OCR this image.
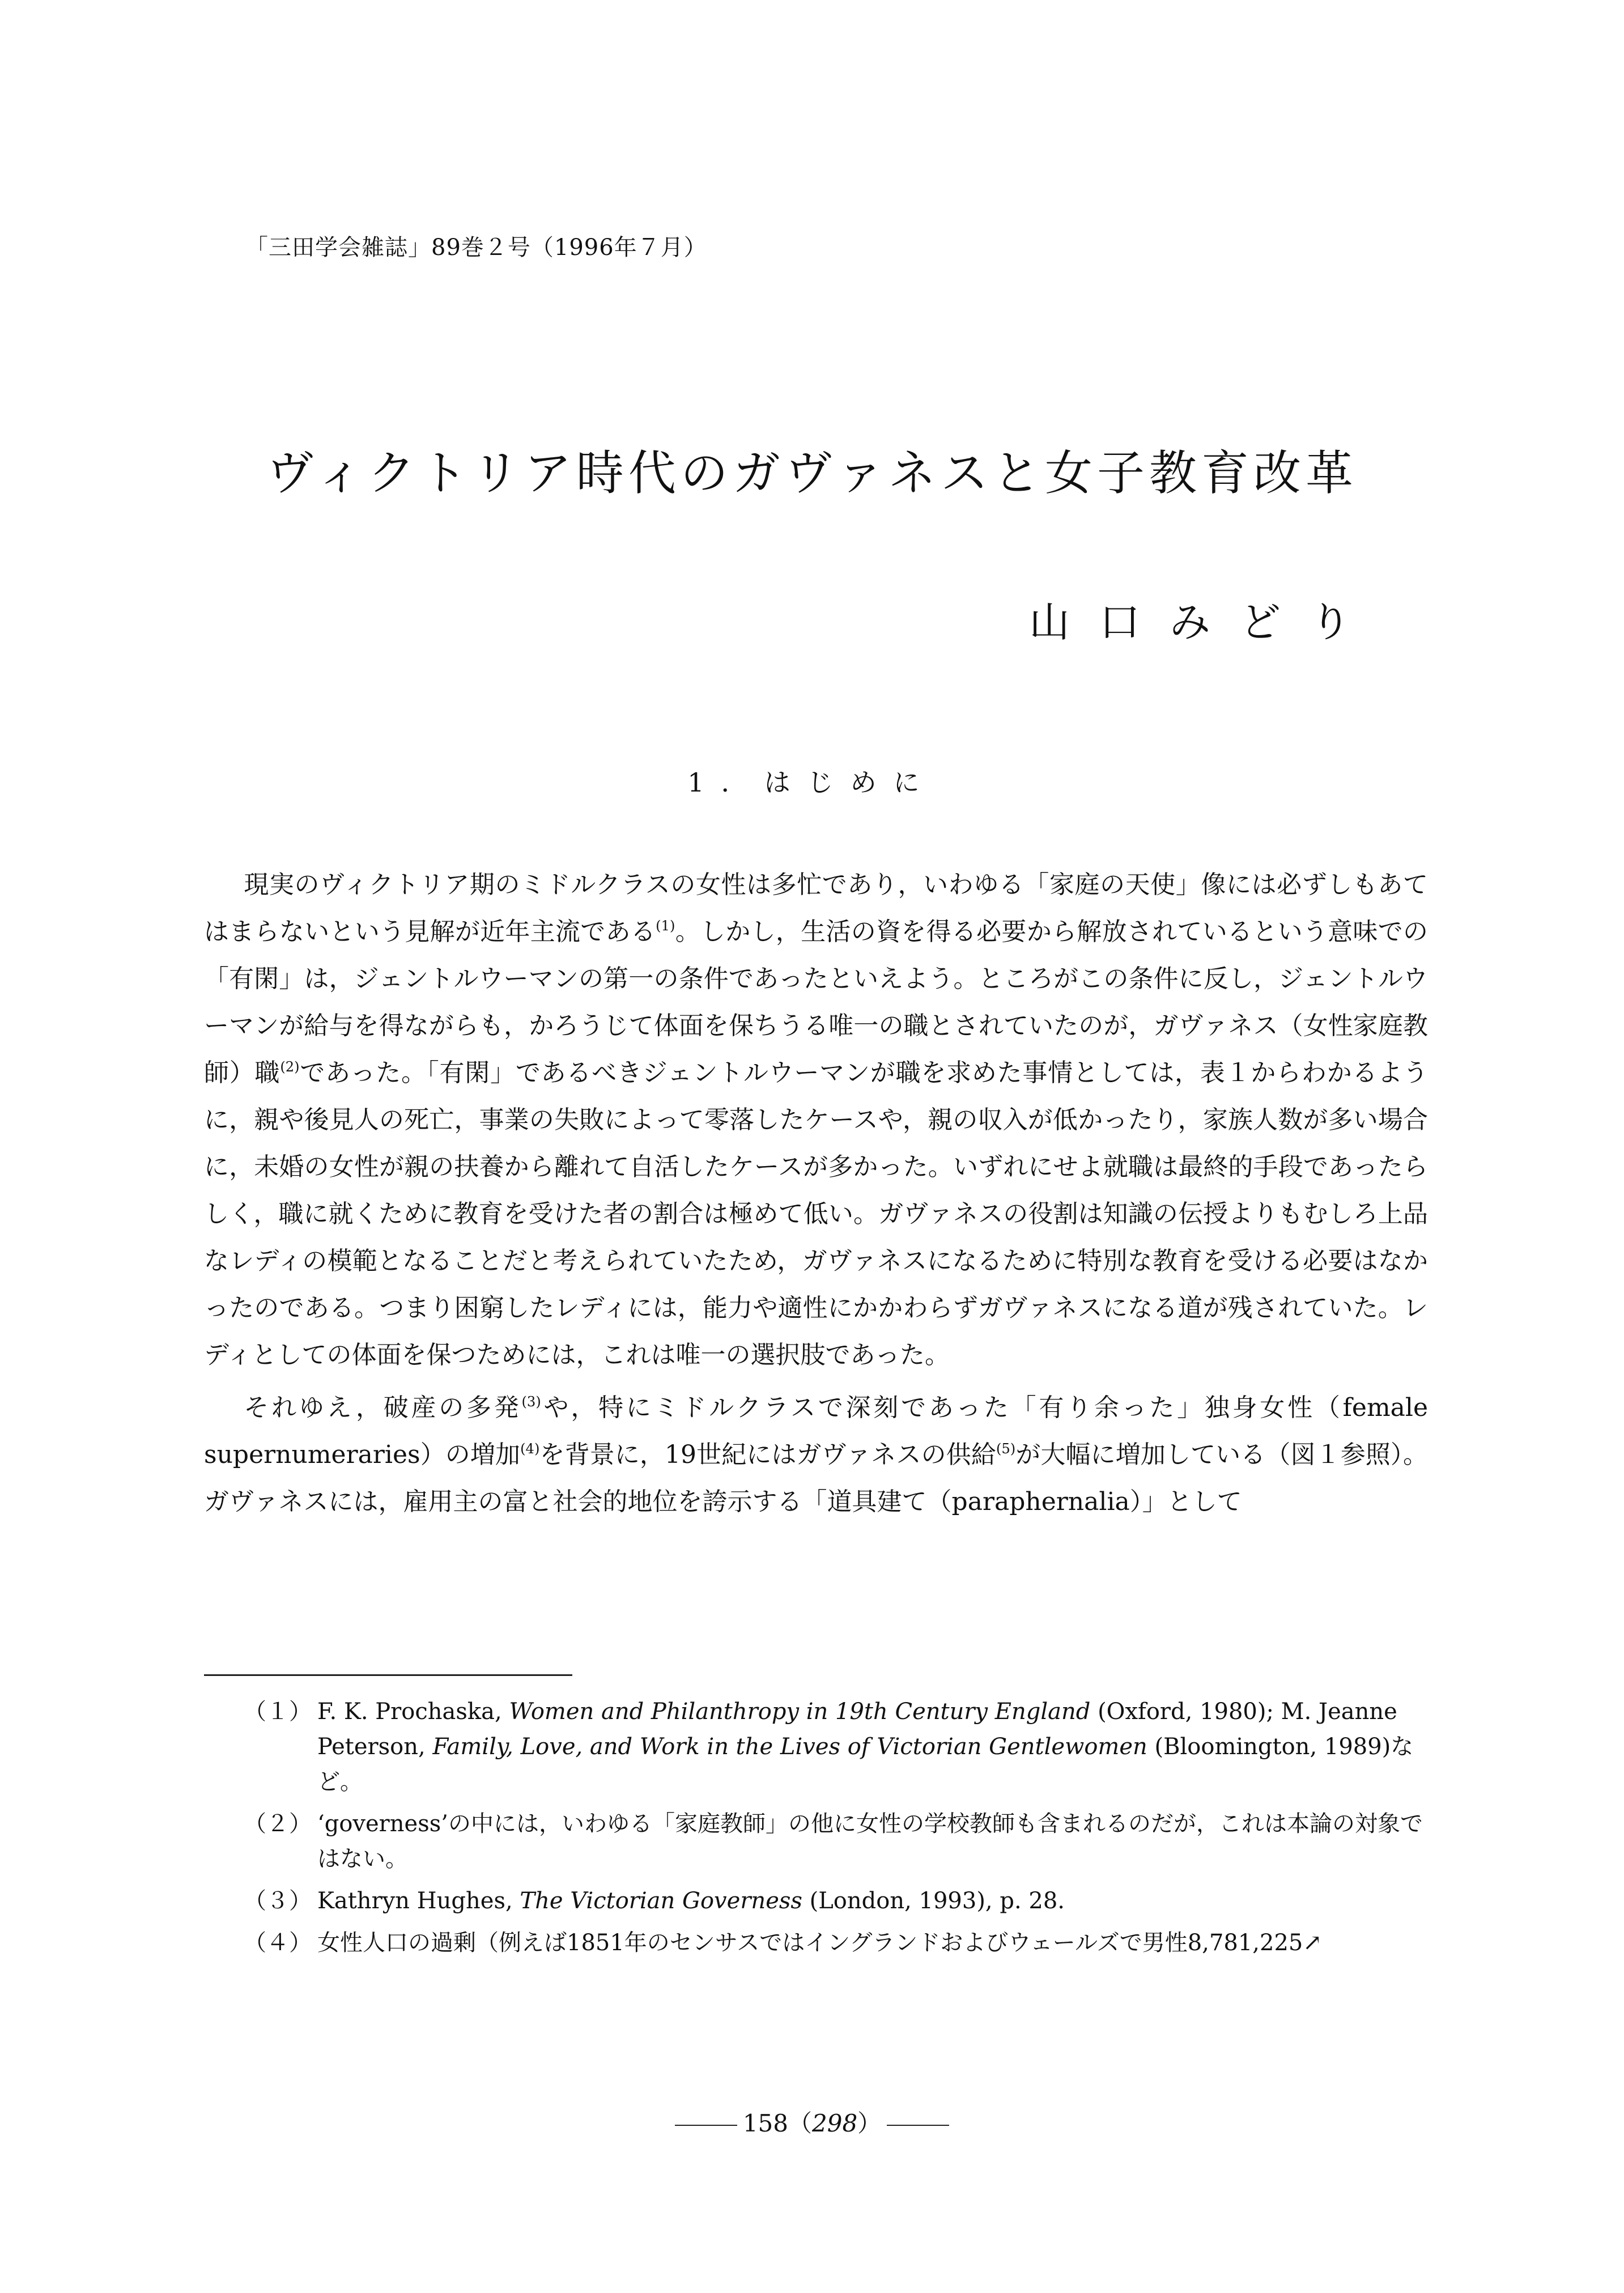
「三田学会雑誌」89巻２号（1996年７月）
ヴィクトリア時代のガヴァネスと女子教育改革
山口みどり
1．はじめに

現実のヴィクトリア期のミドルクラスの女性は多忙であり，いわゆる「家庭の天使」像には必ずしもあてはまらないという見解が近年主流である$^{(1)}$。しかし，生活の資を得る必要から解放されているという意味での「有閑」は，ジェントルウーマンの第一の条件であったといえよう。ところがこの条件に反し，ジェントルウーマンが給与を得ながらも，かろうじて体面を保ちうる唯一の職とされていたのが，ガヴァネス（女性家庭教師）職$^{(2)}$であった。「有閑」であるべきジェントルウーマンが職を求めた事情としては，表１からわかるように，親や後見人の死亡，事業の失敗によって零落したケースや，親の収入が低かったり，家族人数が多い場合に，未婚の女性が親の扶養から離れて自活したケースが多かった。いずれにせよ就職は最終的手段であったらしく，職に就くために教育を受けた者の割合は極めて低い。ガヴァネスの役割は知識の伝授よりもむしろ上品なレディの模範となることだと考えられていたため，ガヴァネスになるために特別な教育を受ける必要はなかったのである。つまり困窮したレディには，能力や適性にかかわらずガヴァネスになる道が残されていた。レディとしての体面を保つためには，これは唯一の選択肢であった。

それゆえ，破産の多発$^{(3)}$や，特にミドルクラスで深刻であった「有り余った」独身女性（female supernumeraries）の増加$^{(4)}$を背景に，19世紀にはガヴァネスの供給$^{(5)}$が大幅に増加している（図１参照）。ガヴァネスには，雇用主の富と社会的地位を誇示する「道具建て（paraphernalia）」として

（１） F. K. Prochaska, Women and Philanthropy in 19th Century England (Oxford, 1980); M. Jeanne Peterson, Family, Love, and Work in the Lives of Victorian Gentlewomen (Bloomington, 1989)など。
（２） ‘governess’の中には，いわゆる「家庭教師」の他に女性の学校教師も含まれるのだが，これは本論の対象ではない。
（３） Kathryn Hughes, The Victorian Governess (London, 1993), p. 28.
（４） 女性人口の過剰（例えば1851年のセンサスではイングランドおよびウェールズで男性8,781,225↗
158（298）
